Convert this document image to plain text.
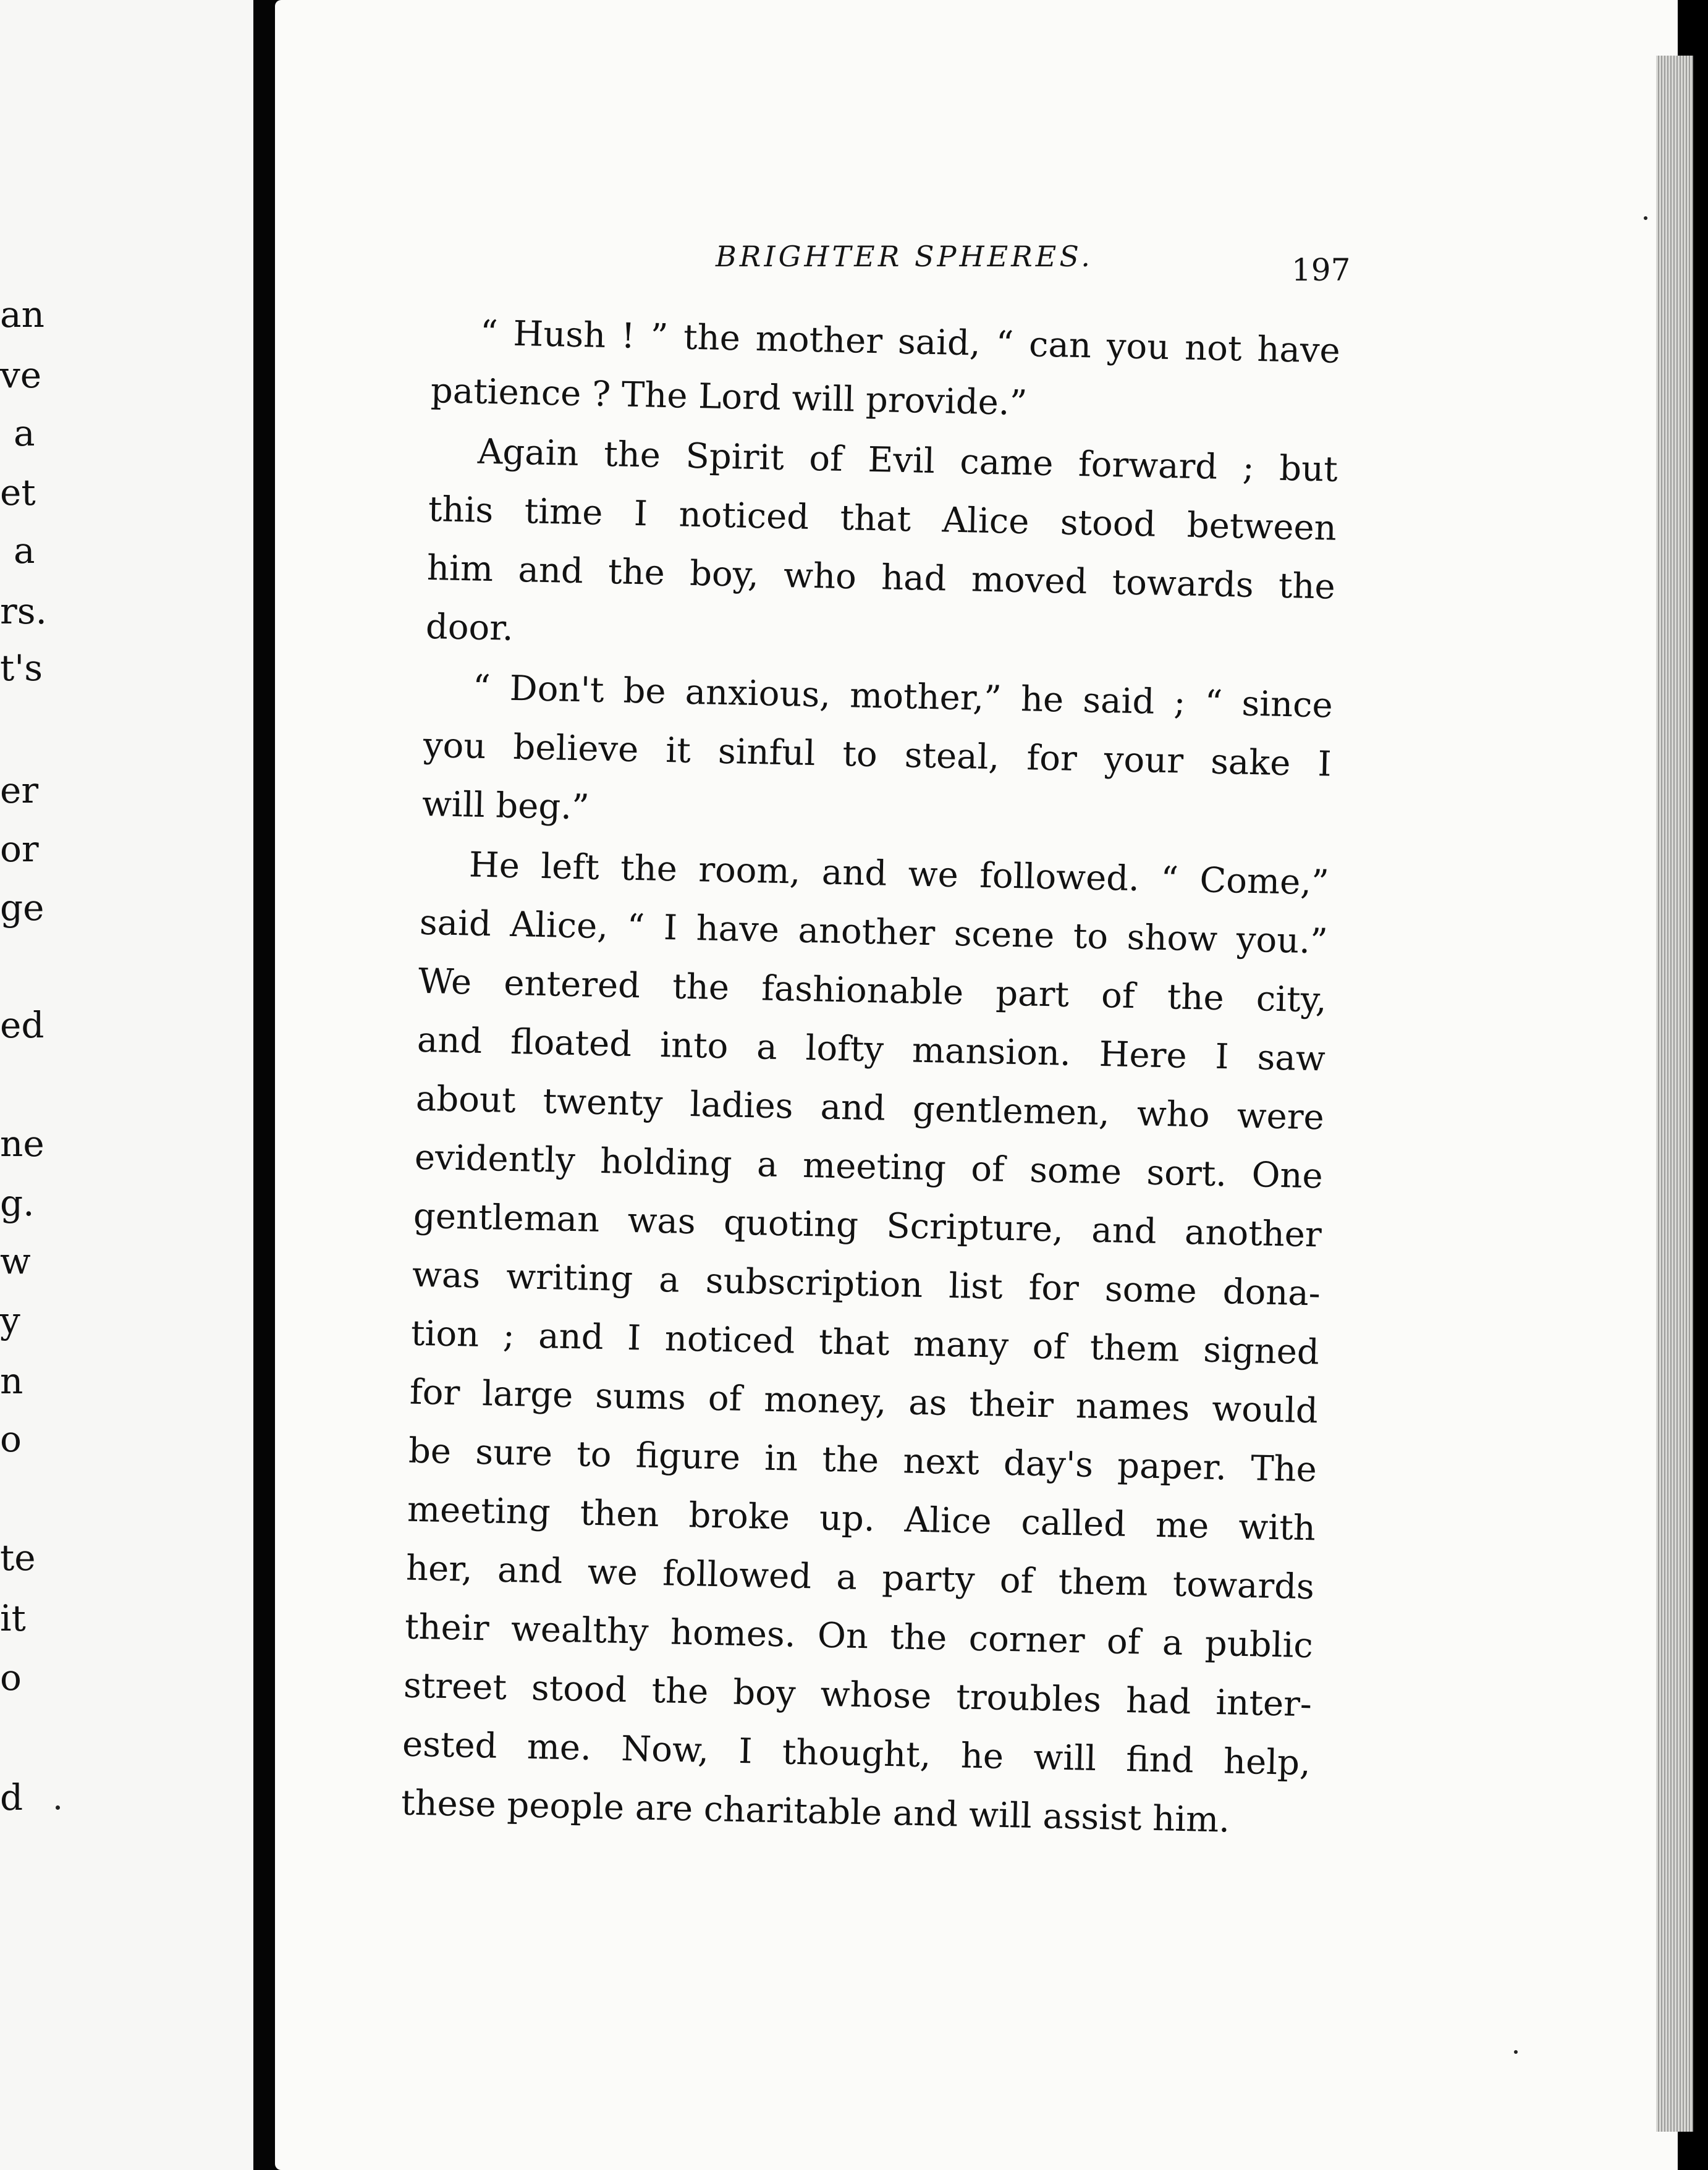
an
ve
a
et
a
rs.
t's
er
or
ge
ed
ne
g.
w
y
n
o
te
it
o
d
BRIGHTER SPHERES.	197

“ Hush ! ” the mother said, “ can you not have
patience ? The Lord will provide.”

Again the Spirit of Evil came forward ; but
this time I noticed that Alice stood between
him and the boy, who had moved towards the
door.

“ Don't be anxious, mother,” he said ; “ since
you believe it sinful to steal, for your sake I
will beg.”

He left the room, and we followed. “ Come,”
said Alice, “ I have another scene to show you.”
We entered the fashionable part of the city,
and floated into a lofty mansion. Here I saw
about twenty ladies and gentlemen, who were
evidently holding a meeting of some sort. One
gentleman was quoting Scripture, and another
was writing a subscription list for some dona-
tion ; and I noticed that many of them signed
for large sums of money, as their names would
be sure to figure in the next day's paper. The
meeting then broke up. Alice called me with
her, and we followed a party of them towards
their wealthy homes. On the corner of a public
street stood the boy whose troubles had inter-
ested me. Now, I thought, he will find help,
these people are charitable and will assist him.
